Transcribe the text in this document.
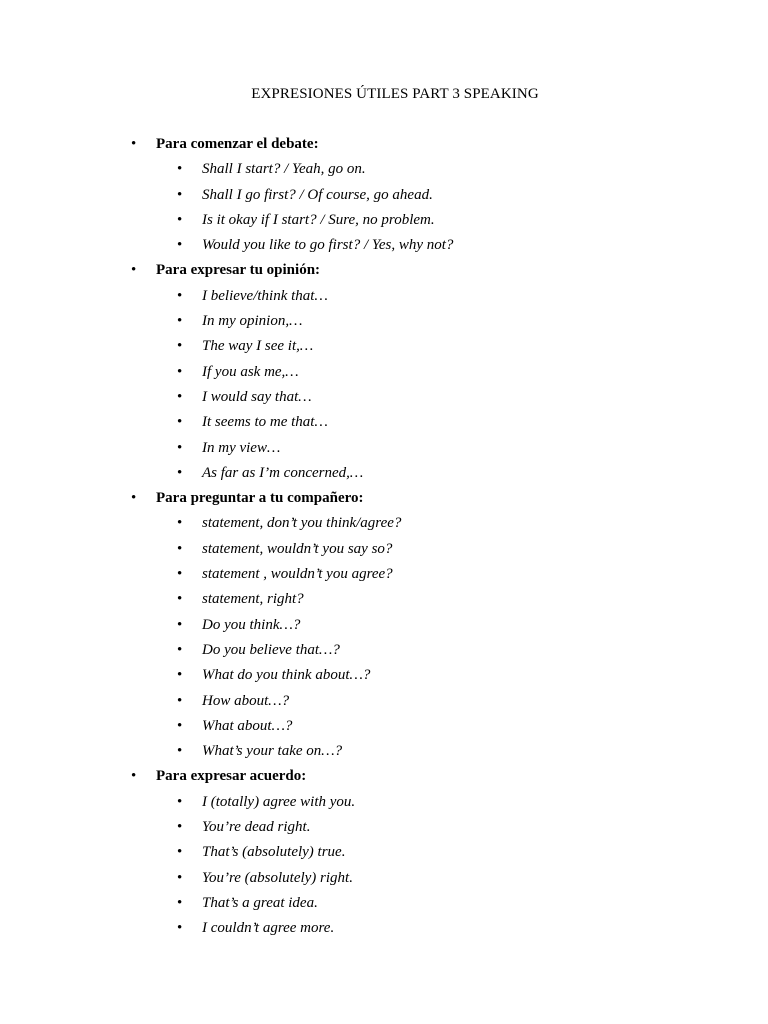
EXPRESIONES ÚTILES PART 3 SPEAKING
• Para comenzar el debate:
• Shall I start? / Yeah, go on.
• Shall I go first? / Of course, go ahead.
• Is it okay if I start? / Sure, no problem.
• Would you like to go first? / Yes, why not?
• Para expresar tu opinión:
• I believe/think that…
• In my opinion,…
• The way I see it,…
• If you ask me,…
• I would say that…
• It seems to me that…
• In my view…
• As far as I’m concerned,…
• Para preguntar a tu compañero:
• statement, don’t you think/agree?
• statement, wouldn’t you say so?
• statement , wouldn’t you agree?
• statement, right?
• Do you think…?
• Do you believe that…?
• What do you think about…?
• How about…?
• What about…?
• What’s your take on…?
• Para expresar acuerdo:
• I (totally) agree with you.
• You’re dead right.
• That’s (absolutely) true.
• You’re (absolutely) right.
• That’s a great idea.
• I couldn’t agree more.
